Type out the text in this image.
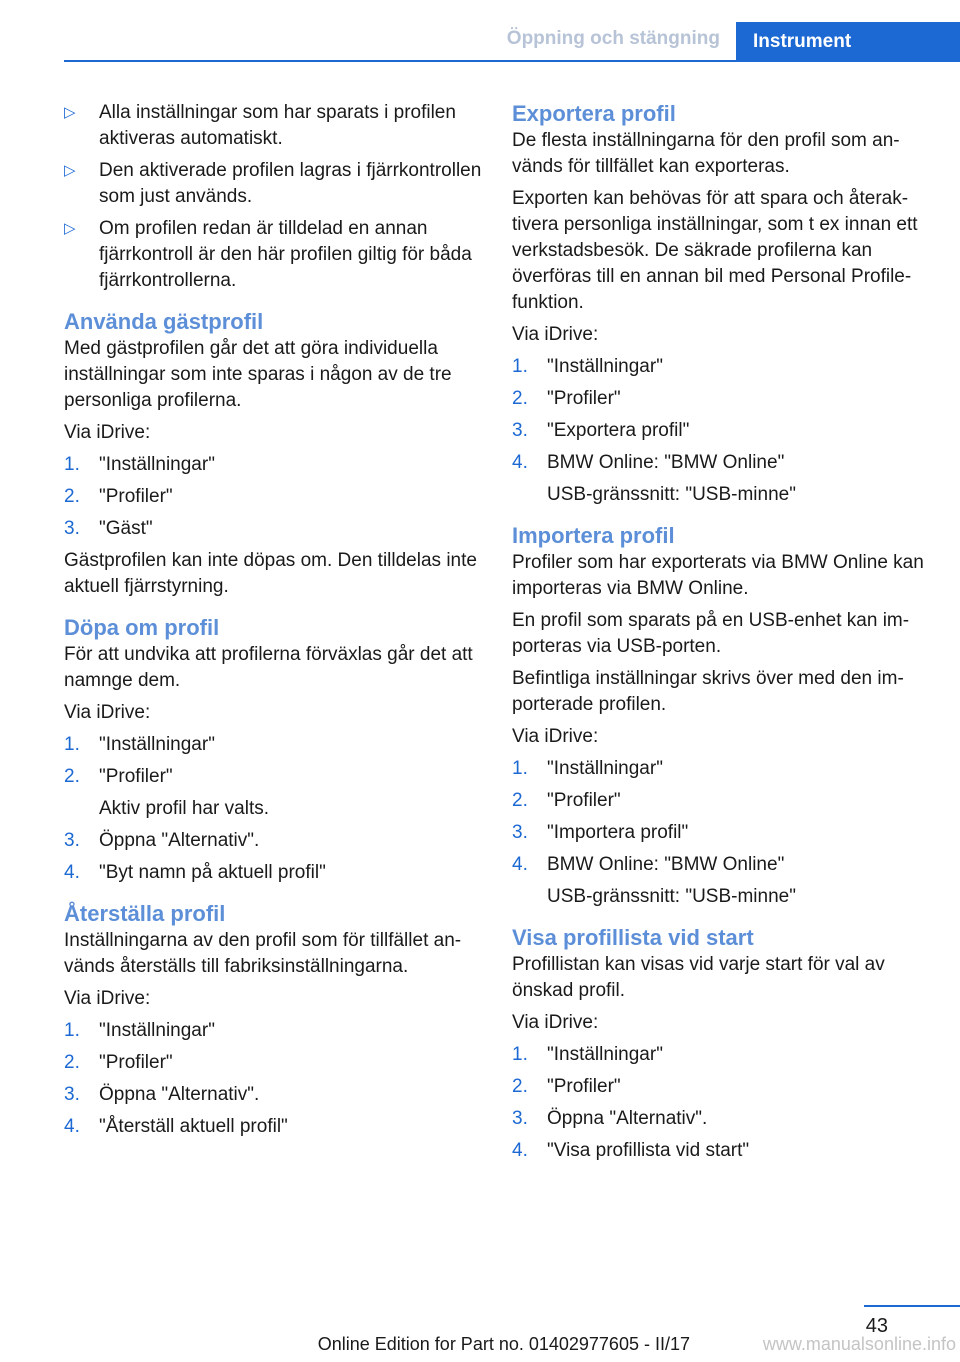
Öppning och stängning	Instrument
▷ Alla inställningar som har sparats i profilen aktiveras automatiskt.
▷ Den aktiverade profilen lagras i fjärrkontrollen som just används.
▷ Om profilen redan är tilldelad en annan fjärrkontroll är den här profilen giltig för båda fjärrkontrollerna.
Använda gästprofil

Med gästprofilen går det att göra individuella inställningar som inte sparas i någon av de tre personliga profilerna.

Via iDrive:

1. "Inställningar"
2. "Profiler"
3. "Gäst"

Gästprofilen kan inte döpas om. Den tilldelas inte aktuell fjärrstyrning.

Döpa om profil

För att undvika att profilerna förväxlas går det att namnge dem.

Via iDrive:

1. "Inställningar"
2. "Profiler"
Aktiv profil har valts.
3. Öppna "Alternativ".
4. "Byt namn på aktuell profil"
Återställa profil

Inställningarna av den profil som för tillfället används återställs till fabriksinställningarna.

Via iDrive:

1. "Inställningar"
2. "Profiler"
3. Öppna "Alternativ".
4. "Återställ aktuell profil"
Exportera profil

De flesta inställningarna för den profil som används för tillfället kan exporteras.

Exporten kan behövas för att spara och återaktivera personliga inställningar, som t ex innan ett verkstadsbesök. De säkrade profilerna kan överföras till en annan bil med Personal Profile-funktion.

Via iDrive:

1. "Inställningar"
2. "Profiler"
3. "Exportera profil"
4. BMW Online: "BMW Online"
USB-gränssnitt: "USB-minne"
Importera profil

Profiler som har exporterats via BMW Online kan importeras via BMW Online.

En profil som sparats på en USB-enhet kan importeras via USB-porten.

Befintliga inställningar skrivs över med den importerade profilen.

Via iDrive:

1. "Inställningar"
2. "Profiler"
3. "Importera profil"
4. BMW Online: "BMW Online"
USB-gränssnitt: "USB-minne"
Visa profillista vid start

Profillistan kan visas vid varje start för val av önskad profil.

Via iDrive:

1. "Inställningar"
2. "Profiler"
3. Öppna "Alternativ".
4. "Visa profillista vid start"
43
Online Edition for Part no. 01402977605 - II/17	www.manualsonline.info
